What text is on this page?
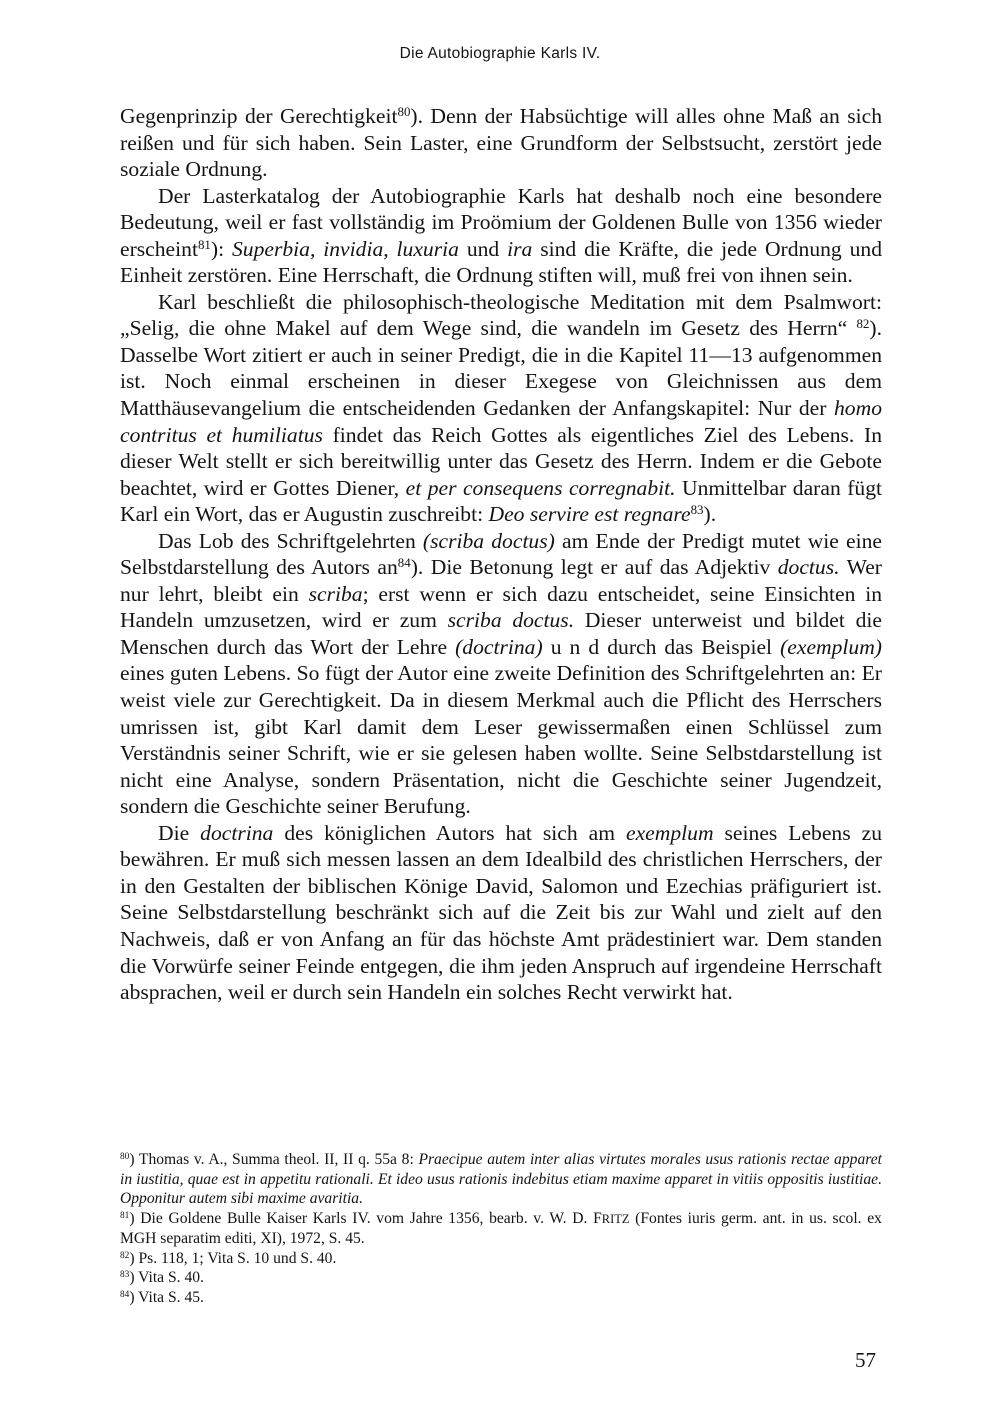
Die Autobiographie Karls IV.

Gegenprinzip der Gerechtigkeit$^{80}$). Denn der Habsüchtige will alles ohne Maß an sich reißen und für sich haben. Sein Laster, eine Grundform der Selbstsucht, zerstört jede soziale Ordnung.

Der Lasterkatalog der Autobiographie Karls hat deshalb noch eine besondere Bedeutung, weil er fast vollständig im Proömium der Goldenen Bulle von 1356 wieder erscheint$^{81}$): Superbia, invidia, luxuria und ira sind die Kräfte, die jede Ordnung und Einheit zerstören. Eine Herrschaft, die Ordnung stiften will, muß frei von ihnen sein.

Karl beschließt die philosophisch-theologische Meditation mit dem Psalmwort: „Selig, die ohne Makel auf dem Wege sind, die wandeln im Gesetz des Herrn“ $^{82}$). Dasselbe Wort zitiert er auch in seiner Predigt, die in die Kapitel 11—13 aufgenommen ist. Noch einmal erscheinen in dieser Exegese von Gleichnissen aus dem Matthäusevangelium die entscheidenden Gedanken der Anfangskapitel: Nur der homo contritus et humiliatus findet das Reich Gottes als eigentliches Ziel des Lebens. In dieser Welt stellt er sich bereitwillig unter das Gesetz des Herrn. Indem er die Gebote beachtet, wird er Gottes Diener, et per consequens corregnabit. Unmittelbar daran fügt Karl ein Wort, das er Augustin zuschreibt: Deo servire est regnare$^{83}$).

Das Lob des Schriftgelehrten (scriba doctus) am Ende der Predigt mutet wie eine Selbstdarstellung des Autors $an^{84}$). Die Betonung legt er auf das Adjektiv doctus. Wer nur lehrt, bleibt ein scriba; erst wenn er sich dazu entscheidet, seine Einsichten in Handeln umzusetzen, wird er zum scriba doctus. Dieser unterweist und bildet die Menschen durch das Wort der Lehre (doctrina) u n d durch das Beispiel (exemplum) eines guten Lebens. So fügt der Autor eine zweite Definition des Schriftgelehrten an: Er weist viele zur Gerechtigkeit. Da in diesem Merkmal auch die Pflicht des Herrschers umrissen ist, gibt Karl damit dem Leser gewissermaßen einen Schlüssel zum Verständnis seiner Schrift, wie er sie gelesen haben wollte. Seine Selbstdarstellung ist nicht eine Analyse, sondern Präsentation, nicht die Geschichte seiner Jugendzeit, sondern die Geschichte seiner Berufung.

Die doctrina des königlichen Autors hat sich am exemplum seines Lebens zu bewähren. Er muß sich messen lassen an dem Idealbild des christlichen Herrschers, der in den Gestalten der biblischen Könige David, Salomon und Ezechias präfiguriert ist. Seine Selbstdarstellung beschränkt sich auf die Zeit bis zur Wahl und zielt auf den Nachweis, daß er von Anfang an für das höchste Amt prädestiniert war. Dem standen die Vorwürfe seiner Feinde entgegen, die ihm jeden Anspruch auf irgendeine Herrschaft absprachen, weil er durch sein Handeln ein solches Recht verwirkt hat.

$^{80}$) Thomas v. A., Summa theol. II, II q. 55a 8: Praecipue autem inter alias virtutes morales usus rationis rectae apparet in iustitia, quae est in appetitu rationali. Et ideo usus rationis indebitus etiam maxime apparet in vitiis oppositis iustitiae. Opponitur autem sibi maxime avaritia.

$^{81}$) Die Goldene Bulle Kaiser Karls IV. vom Jahre 1356, bearb. v. W. D. FRITZ (Fontes iuris germ. ant. in us. scol. ex MGH separatim editi, XI), 1972, S. 45.

$^{82}$) Ps. 118, 1; Vita S. 10 und S. 40.

$^{83}$) Vita S. 40.

$^{84}$) Vita S. 45.

57
